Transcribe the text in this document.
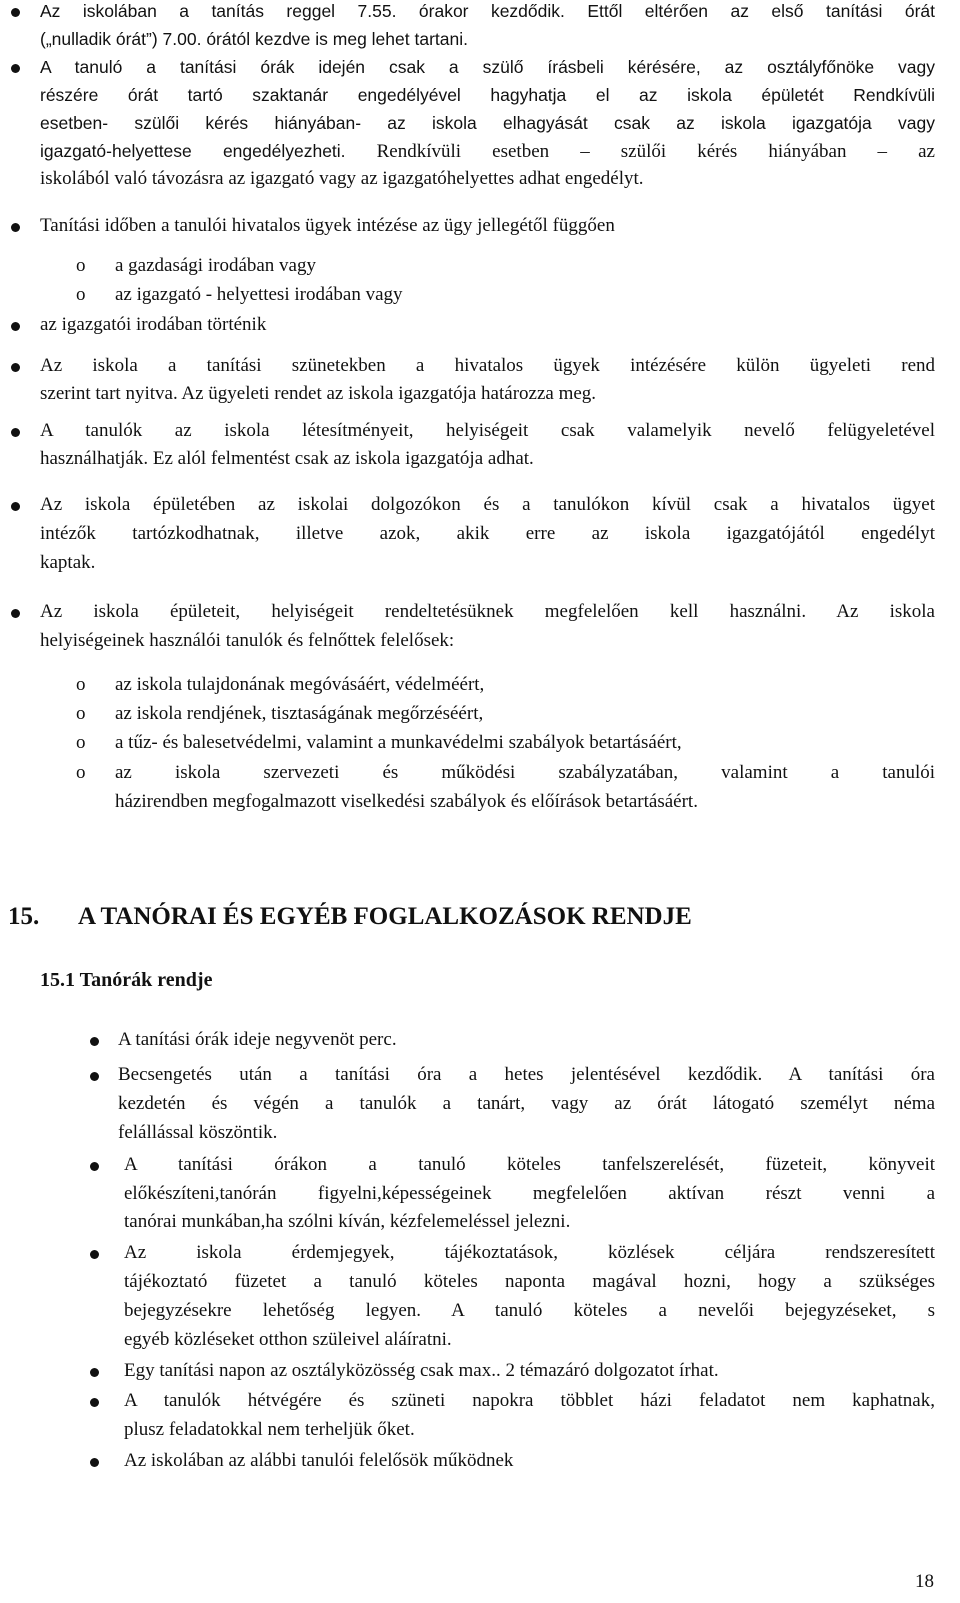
Az iskolában a tanítás reggel 7.55. órakor kezdődik. Ettől eltérően az első tanítási órát

(„nulladik órát”) 7.00. órától kezdve is meg lehet tartani.

A tanuló a tanítási órák idején csak a szülő írásbeli kérésére, az osztályfőnöke vagy

részére órát tartó szaktanár engedélyével hagyhatja el az iskola épületét Rendkívüli

esetben- szülői kérés hiányában- az iskola elhagyását csak az iskola igazgatója vagy

igazgató-helyettese engedélyezheti. Rendkívüli esetben – szülői kérés hiányában – az

iskolából való távozásra az igazgató vagy az igazgatóhelyettes adhat engedélyt.

Tanítási időben a tanulói hivatalos ügyek intézése az ügy jellegétől függően

o a gazdasági irodában vagy

o az igazgató - helyettesi irodában vagy

az igazgatói irodában történik

Az iskola a tanítási szünetekben a hivatalos ügyek intézésére külön ügyeleti rend

szerint tart nyitva. Az ügyeleti rendet az iskola igazgatója határozza meg.

A tanulók az iskola létesítményeit, helyiségeit csak valamelyik nevelő felügyeletével

használhatják. Ez alól felmentést csak az iskola igazgatója adhat.

Az iskola épületében az iskolai dolgozókon és a tanulókon kívül csak a hivatalos ügyet

intézők tartózkodhatnak, illetve azok, akik erre az iskola igazgatójától engedélyt

kaptak.

Az iskola épületeit, helyiségeit rendeltetésüknek megfelelően kell használni. Az iskola

helyiségeinek használói tanulók és felnőttek felelősek:

o az iskola tulajdonának megóvásáért, védelméért,

o az iskola rendjének, tisztaságának megőrzéséért,

o a tűz- és balesetvédelmi, valamint a munkavédelmi szabályok betartásáért,

o az iskola szervezeti és működési szabályzatában, valamint a tanulói

házirendben megfogalmazott viselkedési szabályok és előírások betartásáért.

15. A TANÓRAI ÉS EGYÉB FOGLALKOZÁSOK RENDJE
15.1 Tanórák rendje

A tanítási órák ideje negyvenöt perc.

Becsengetés után a tanítási óra a hetes jelentésével kezdődik. A tanítási óra

kezdetén és végén a tanulók a tanárt, vagy az órát látogató személyt néma

felállással köszöntik.

A tanítási órákon a tanuló köteles tanfelszerelését, füzeteit, könyveit

előkészíteni,tanórán figyelni,képességeinek megfelelően aktívan részt venni a

tanórai munkában,ha szólni kíván, kézfelemeléssel jelezni.

Az iskola érdemjegyek, tájékoztatások, közlések céljára rendszeresített

tájékoztató füzetet a tanuló köteles naponta magával hozni, hogy a szükséges

bejegyzésekre lehetőség legyen. A tanuló köteles a nevelői bejegyzéseket, s

egyéb közléseket otthon szüleivel aláíratni.

Egy tanítási napon az osztályközösség csak max.. 2 témazáró dolgozatot írhat.

A tanulók hétvégére és szüneti napokra többlet házi feladatot nem kaphatnak,

plusz feladatokkal nem terheljük őket.

Az iskolában az alábbi tanulói felelősök működnek

18
